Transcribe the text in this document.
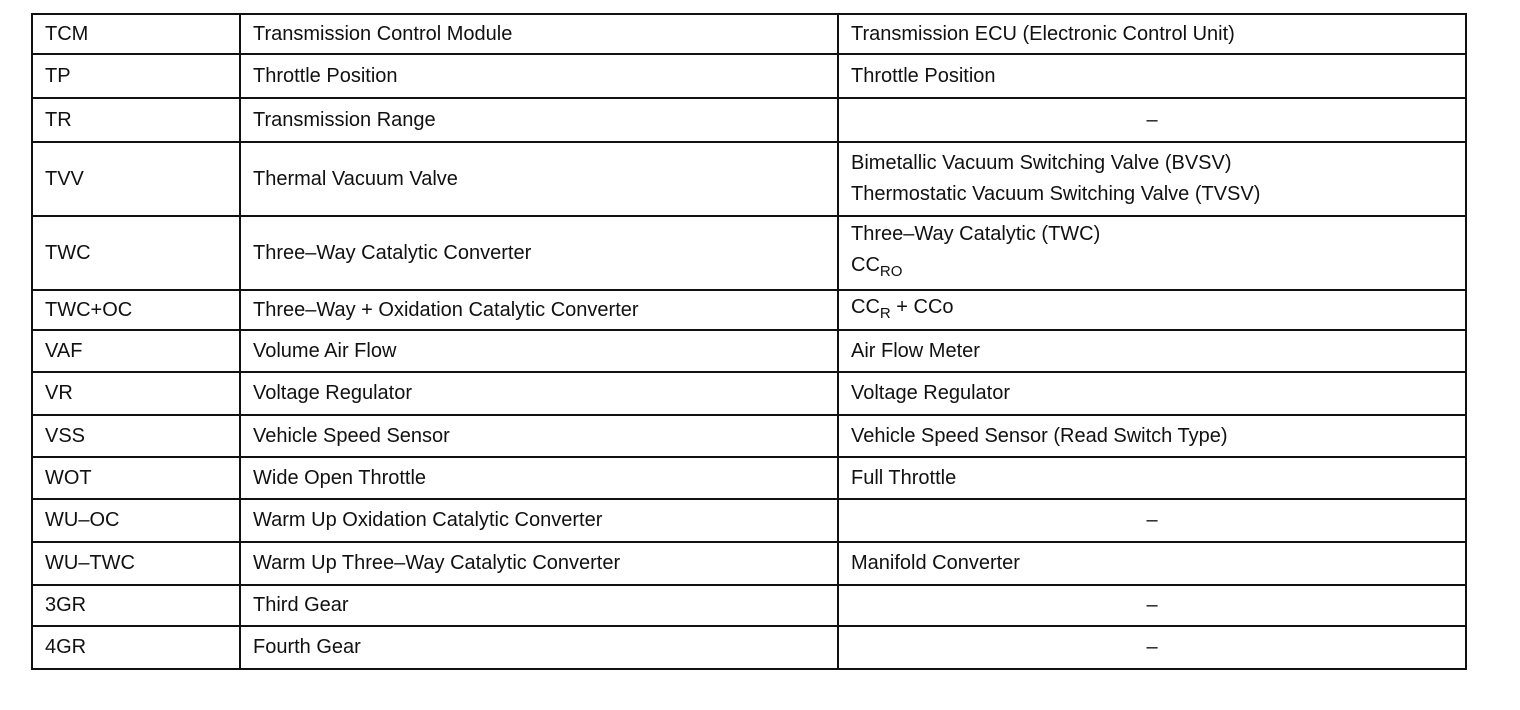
TCM	Transmission Control Module	Transmission ECU (Electronic Control Unit)

TP	Throttle Position	Throttle Position

TR	Transmission Range	–
TVV	Thermal Vacuum Valve	Bimetallic Vacuum Switching Valve (BVSV)
Thermostatic Vacuum Switching Valve (TVSV)

TWC	Three–Way Catalytic Converter	Three–Way Catalytic (TWC)
$CC_{RO}$

TWC+OC	Three–Way + Oxidation Catalytic Converter	$CC_R$ + CCo

VAF	Volume Air Flow	Air Flow Meter

VR	Voltage Regulator	Voltage Regulator

VSS	Vehicle Speed Sensor	Vehicle Speed Sensor (Read Switch Type)

WOT	Wide Open Throttle	Full Throttle

WU–OC	Warm Up Oxidation Catalytic Converter	–
WU–TWC	Warm Up Three–Way Catalytic Converter	Manifold Converter

3GR	Third Gear	–
4GR	Fourth Gear	–
